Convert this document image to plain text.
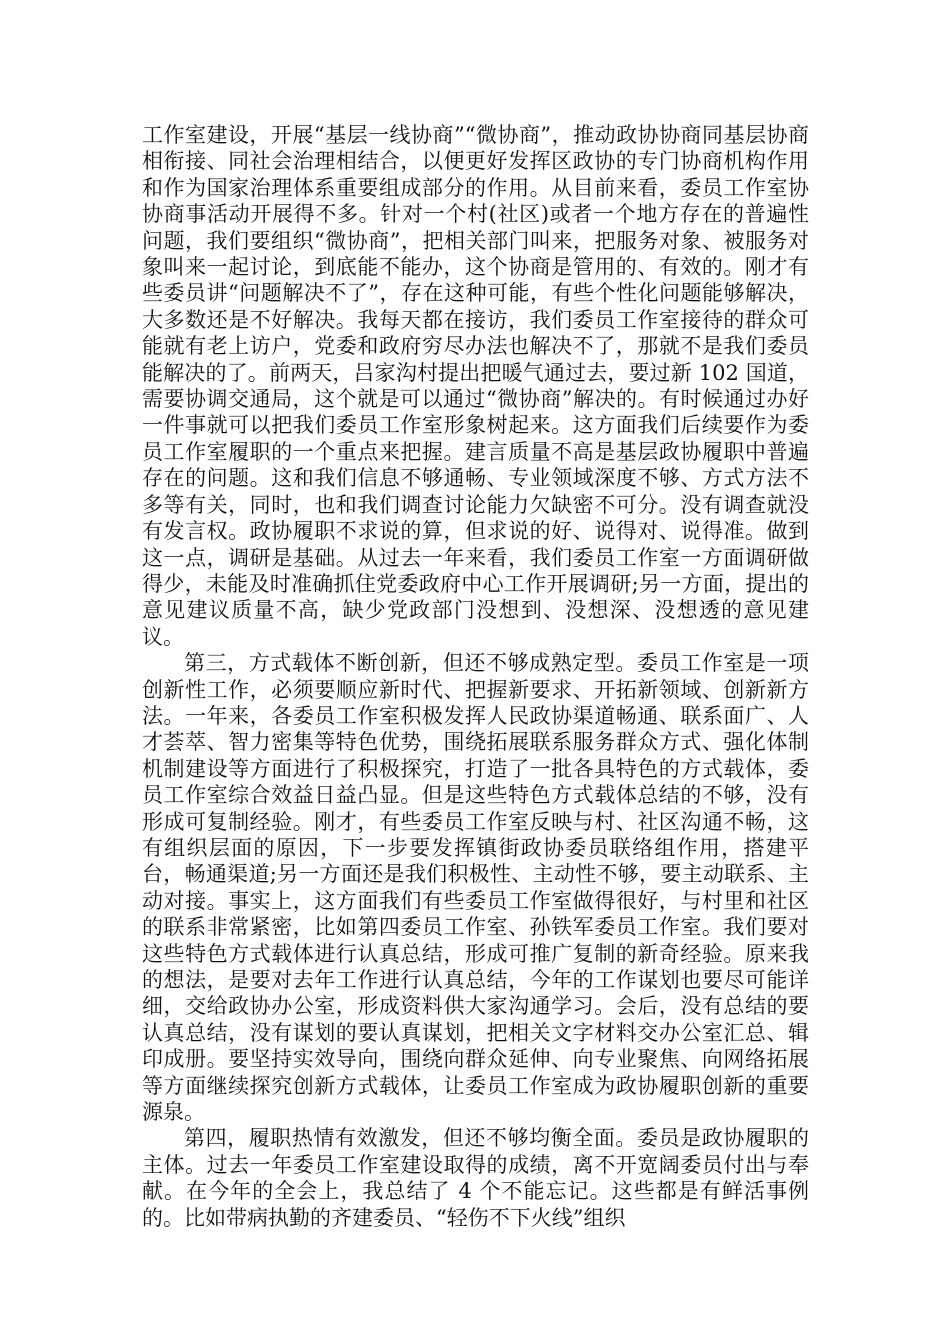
工作室建设，开展“基层一线协商”“微协商”，推动政协协商同基层协商相衔接、同社会治理相结合，以便更好发挥区政协的专门协商机构作用和作为国家治理体系重要组成部分的作用。从目前来看，委员工作室协协商事活动开展得不多。针对一个村(社区)或者一个地方存在的普遍性问题，我们要组织“微协商”，把相关部门叫来，把服务对象、被服务对象叫来一起讨论，到底能不能办，这个协商是管用的、有效的。刚才有些委员讲“问题解决不了”，存在这种可能，有些个性化问题能够解决，大多数还是不好解决。我每天都在接访，我们委员工作室接待的群众可能就有老上访户，党委和政府穷尽办法也解决不了，那就不是我们委员能解决的了。前两天，吕家沟村提出把暖气通过去，要过新 102 国道，需要协调交通局，这个就是可以通过“微协商”解决的。有时候通过办好一件事就可以把我们委员工作室形象树起来。这方面我们后续要作为委员工作室履职的一个重点来把握。建言质量不高是基层政协履职中普遍存在的问题。这和我们信息不够通畅、专业领域深度不够、方式方法不多等有关，同时，也和我们调查讨论能力欠缺密不可分。没有调查就没有发言权。政协履职不求说的算，但求说的好、说得对、说得准。做到这一点，调研是基础。从过去一年来看，我们委员工作室一方面调研做得少，未能及时准确抓住党委政府中心工作开展调研;另一方面，提出的意见建议质量不高，缺少党政部门没想到、没想深、没想透的意见建议。

第三，方式载体不断创新，但还不够成熟定型。委员工作室是一项创新性工作，必须要顺应新时代、把握新要求、开拓新领域、创新新方法。一年来，各委员工作室积极发挥人民政协渠道畅通、联系面广、人才荟萃、智力密集等特色优势，围绕拓展联系服务群众方式、强化体制机制建设等方面进行了积极探究，打造了一批各具特色的方式载体，委员工作室综合效益日益凸显。但是这些特色方式载体总结的不够，没有形成可复制经验。刚才，有些委员工作室反映与村、社区沟通不畅，这有组织层面的原因，下一步要发挥镇街政协委员联络组作用，搭建平台，畅通渠道;另一方面还是我们积极性、主动性不够，要主动联系、主动对接。事实上，这方面我们有些委员工作室做得很好，与村里和社区的联系非常紧密，比如第四委员工作室、孙铁军委员工作室。我们要对这些特色方式载体进行认真总结，形成可推广复制的新奇经验。原来我的想法，是要对去年工作进行认真总结，今年的工作谋划也要尽可能详细，交给政协办公室，形成资料供大家沟通学习。会后，没有总结的要认真总结，没有谋划的要认真谋划，把相关文字材料交办公室汇总、辑印成册。要坚持实效导向，围绕向群众延伸、向专业聚焦、向网络拓展等方面继续探究创新方式载体，让委员工作室成为政协履职创新的重要源泉。

第四，履职热情有效激发，但还不够均衡全面。委员是政协履职的主体。过去一年委员工作室建设取得的成绩，离不开宽阔委员付出与奉献。在今年的全会上，我总结了 4 个不能忘记。这些都是有鲜活事例的。比如带病执勤的齐建委员、“轻伤不下火线”组织
